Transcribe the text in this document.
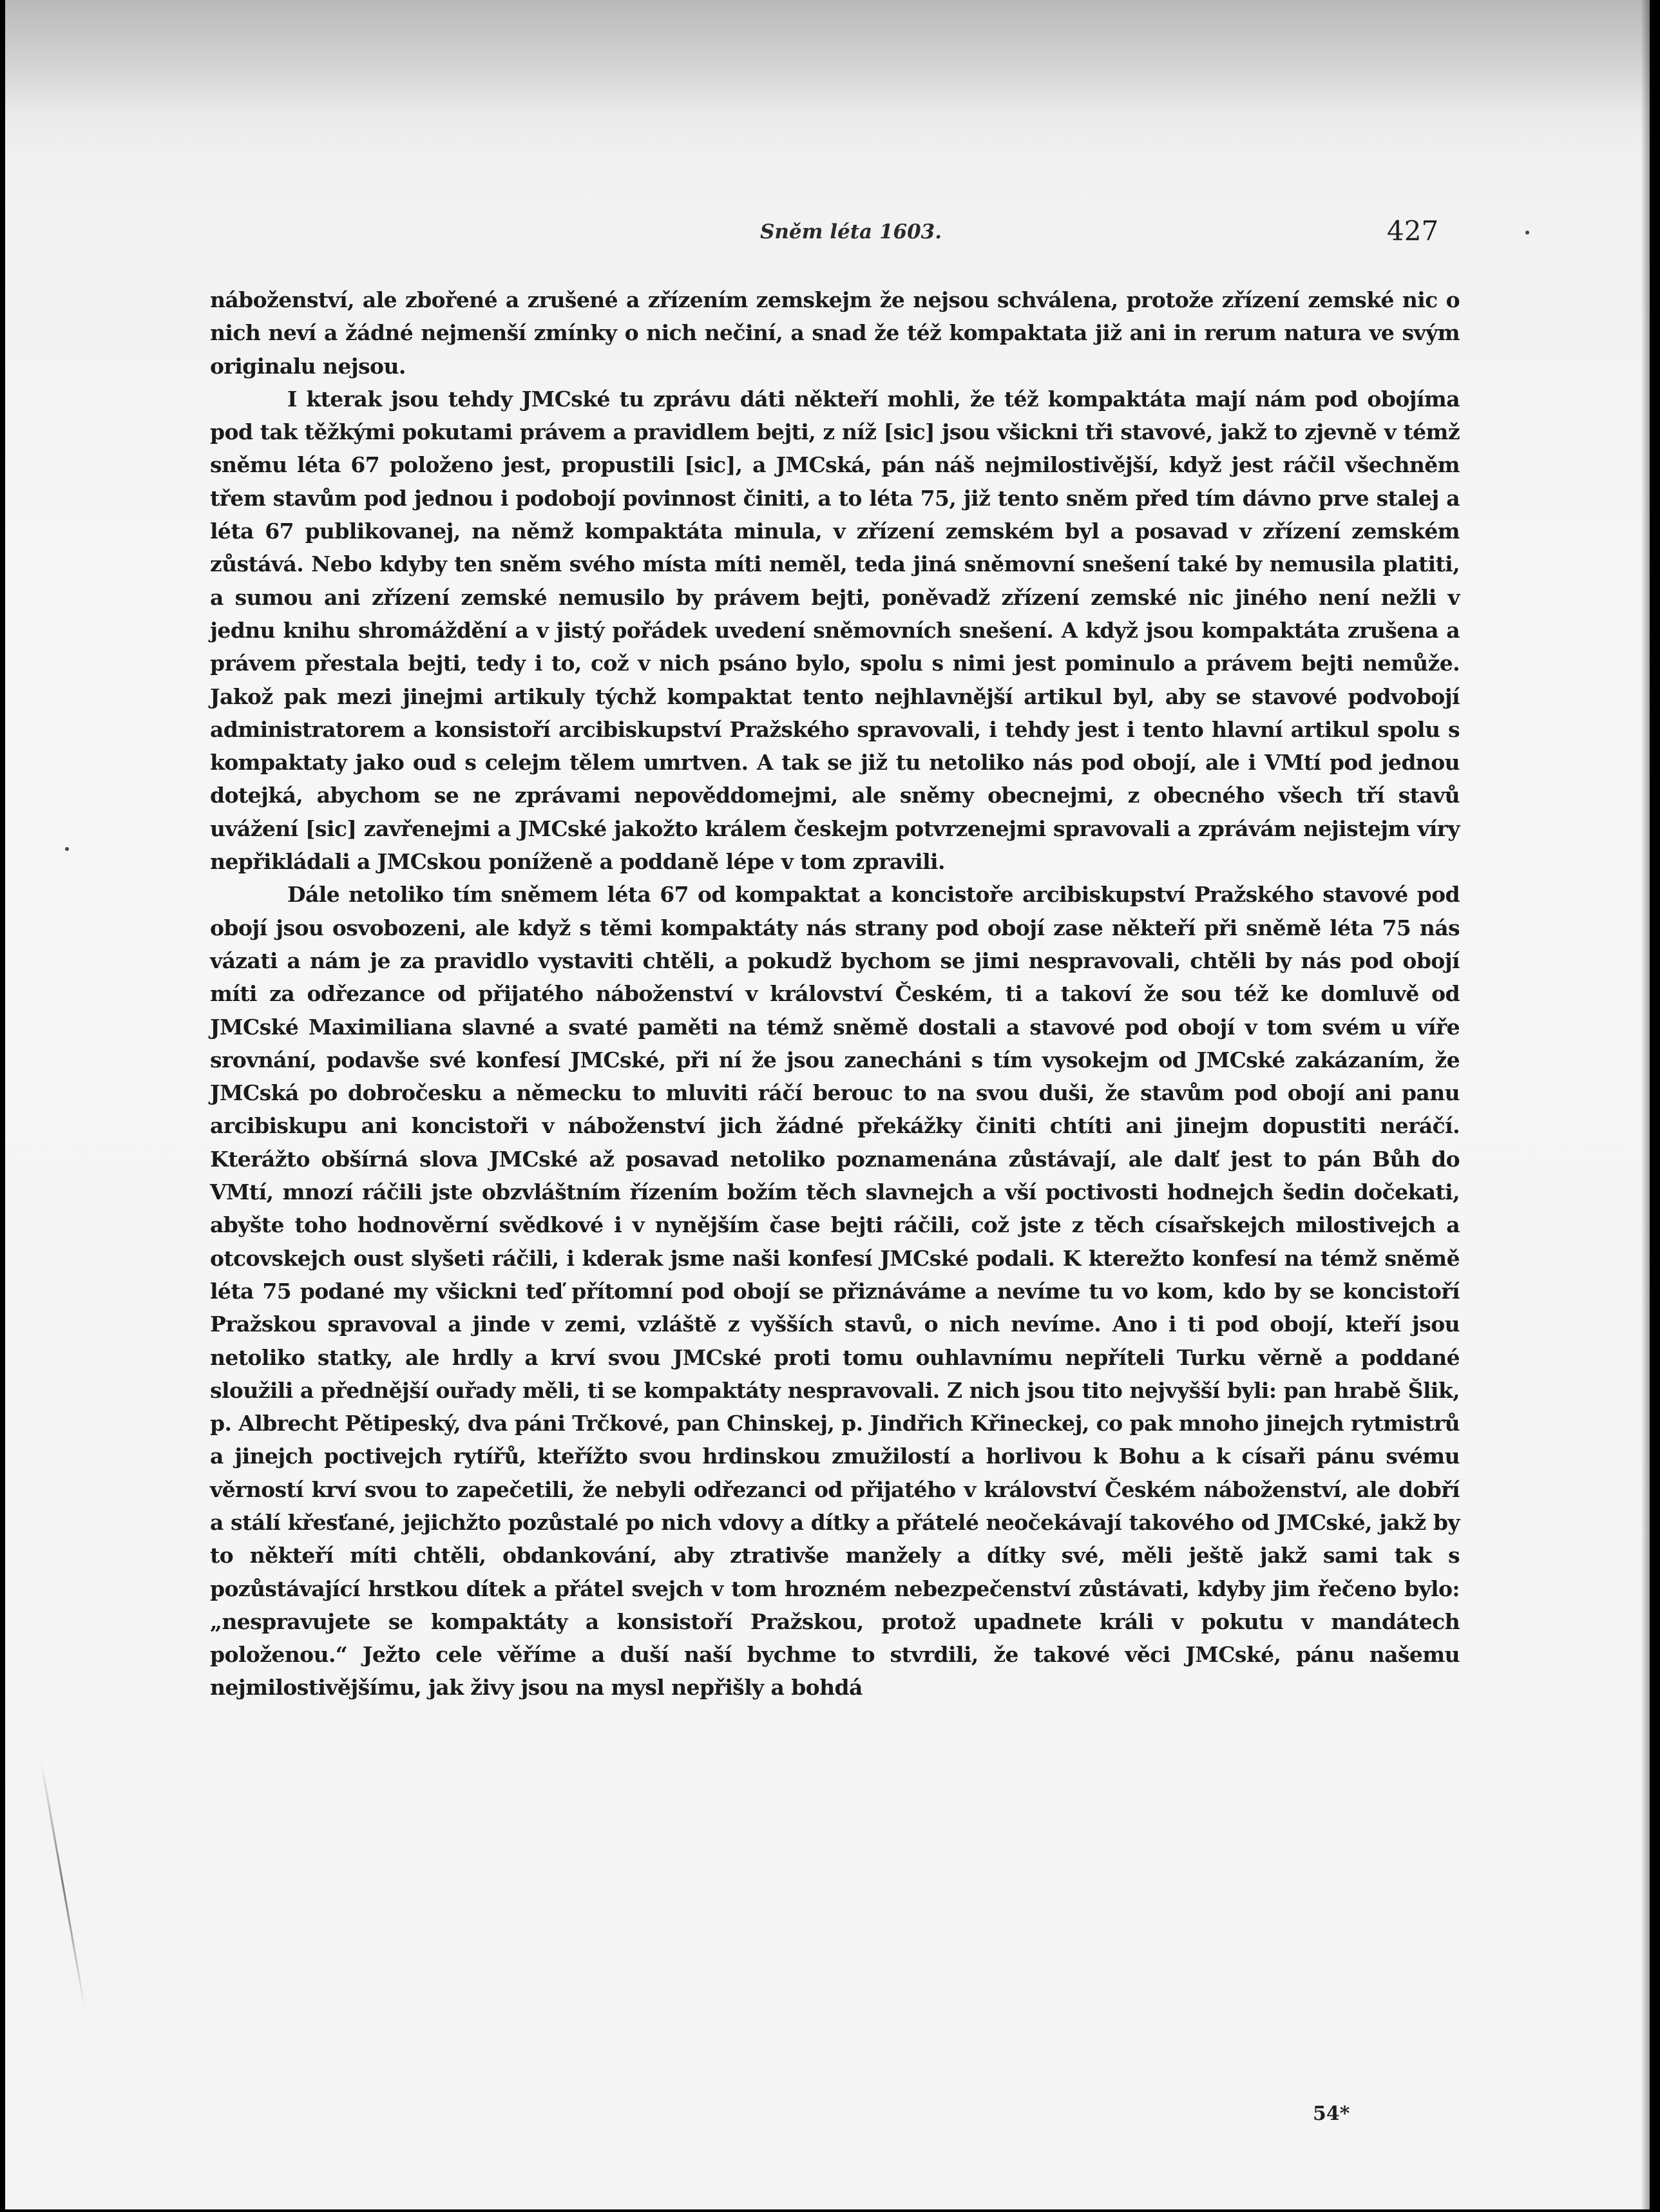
Sněm léta 1603.	427

náboženství, ale zbořené a zrušené a zřízením zemskejm že nejsou schválena, protože zřízení zemské nic o nich neví a žádné nejmenší zmínky o nich nečiní, a snad že též kompaktata již ani in rerum natura ve svým originalu nejsou.

I kterak jsou tehdy JMCské tu zprávu dáti někteří mohli, že též kompaktáta mají nám pod obojíma pod tak těžkými pokutami právem a pravidlem bejti, z níž [sic] jsou všickni tři stavové, jakž to zjevně v témž sněmu léta 67 položeno jest, propustili [sic], a JMCská, pán náš nejmilostivější, když jest ráčil všechněm třem stavům pod jednou i podobojí povinnost činiti, a to léta 75, již tento sněm před tím dávno prve stalej a léta 67 publikovanej, na němž kompaktáta minula, v zřízení zemském byl a posavad v zřízení zemském zůstává. Nebo kdyby ten sněm svého místa míti neměl, teda jiná sněmovní snešení také by nemusila platiti, a sumou ani zřízení zemské nemusilo by právem bejti, poněvadž zřízení zemské nic jiného není nežli v jednu knihu shromáždění a v jistý pořádek uvedení sněmovních snešení. A když jsou kompaktáta zrušena a právem přestala bejti, tedy i to, což v nich psáno bylo, spolu s nimi jest pominulo a právem bejti nemůže. Jakož pak mezi jinejmi artikuly týchž kompaktat tento nejhlavnější artikul byl, aby se stavové podvobojí administratorem a konsistoří arcibiskupství Pražského spravovali, i tehdy jest i tento hlavní artikul spolu s kompaktaty jako oud s celejm tělem umrtven. A tak se již tu netoliko nás pod obojí, ale i VMtí pod jednou dotejká, abychom se ne zprávami nepověddomejmi, ale sněmy obecnejmi, z obecného všech tří stavů uvážení [sic] zavřenejmi a JMCské jakožto králem českejm potvrzenejmi spravovali a zprávám nejistejm víry nepřikládali a JMCskou poníženě a poddaně lépe v tom zpravili.

Dále netoliko tím sněmem léta 67 od kompaktat a koncistoře arcibiskupství Pražského stavové pod obojí jsou osvobozeni, ale když s těmi kompaktáty nás strany pod obojí zase někteří při sněmě léta 75 nás vázati a nám je za pravidlo vystaviti chtěli, a pokudž bychom se jimi nespravovali, chtěli by nás pod obojí míti za odřezance od přijatého náboženství v království Českém, ti a takoví že sou též ke domluvě od JMCské Maximiliana slavné a svaté paměti na témž sněmě dostali a stavové pod obojí v tom svém u víře srovnání, podavše své konfesí JMCské, při ní že jsou zanecháni s tím vysokejm od JMCské zakázaním, že JMCská po dobročesku a německu to mluviti ráčí berouc to na svou duši, že stavům pod obojí ani panu arcibiskupu ani koncistoři v náboženství jich žádné překážky činiti chtíti ani jinejm dopustiti neráčí. Kterážto obšírná slova JMCské až posavad netoliko poznamenána zůstávají, ale dalť jest to pán Bůh do VMtí, mnozí ráčili jste obzvláštním řízením božím těch slavnejch a vší poctivosti hodnejch šedin dočekati, abyšte toho hodnověrní svědkové i v nynějším čase bejti ráčili, což jste z těch císařskejch milostivejch a otcovskejch oust slyšeti ráčili, i kderak jsme naši konfesí JMCské podali. K kterežto konfesí na témž sněmě léta 75 podané my všickni teď přítomní pod obojí se přiznáváme a nevíme tu vo kom, kdo by se koncistoří Pražskou spravoval a jinde v zemi, vzláště z vyšších stavů, o nich nevíme. Ano i ti pod obojí, kteří jsou netoliko statky, ale hrdly a krví svou JMCské proti tomu ouhlavnímu nepříteli Turku věrně a poddané sloužili a přednější ouřady měli, ti se kompaktáty nespravovali. Z nich jsou tito nejvyšší byli: pan hrabě Šlik, p. Albrecht Pětipeský, dva páni Trčkové, pan Chinskej, p. Jindřich Křineckej, co pak mnoho jinejch rytmistrů a jinejch poctivejch rytířů, kteřížto svou hrdinskou zmužilostí a horlivou k Bohu a k císaři pánu svému věrností krví svou to zapečetili, že nebyli odřezanci od přijatého v království Českém náboženství, ale dobří a stálí křesťané, jejichžto pozůstalé po nich vdovy a dítky a přátelé neočekávají takového od JMCské, jakž by to někteří míti chtěli, obdankování, aby ztrativše manžely a dítky své, měli ještě jakž sami tak s pozůstávající hrstkou dítek a přátel svejch v tom hrozném nebezpečenství zůstávati, kdyby jim řečeno bylo: „nespravujete se kompaktáty a konsistoří Pražskou, protož upadnete králi v pokutu v mandátech položenou.“ Ježto cele věříme a duší naší bychme to stvrdili, že takové věci JMCské, pánu našemu nejmilostivějšímu, jak živy jsou na mysl nepřišly a bohdá

54*
